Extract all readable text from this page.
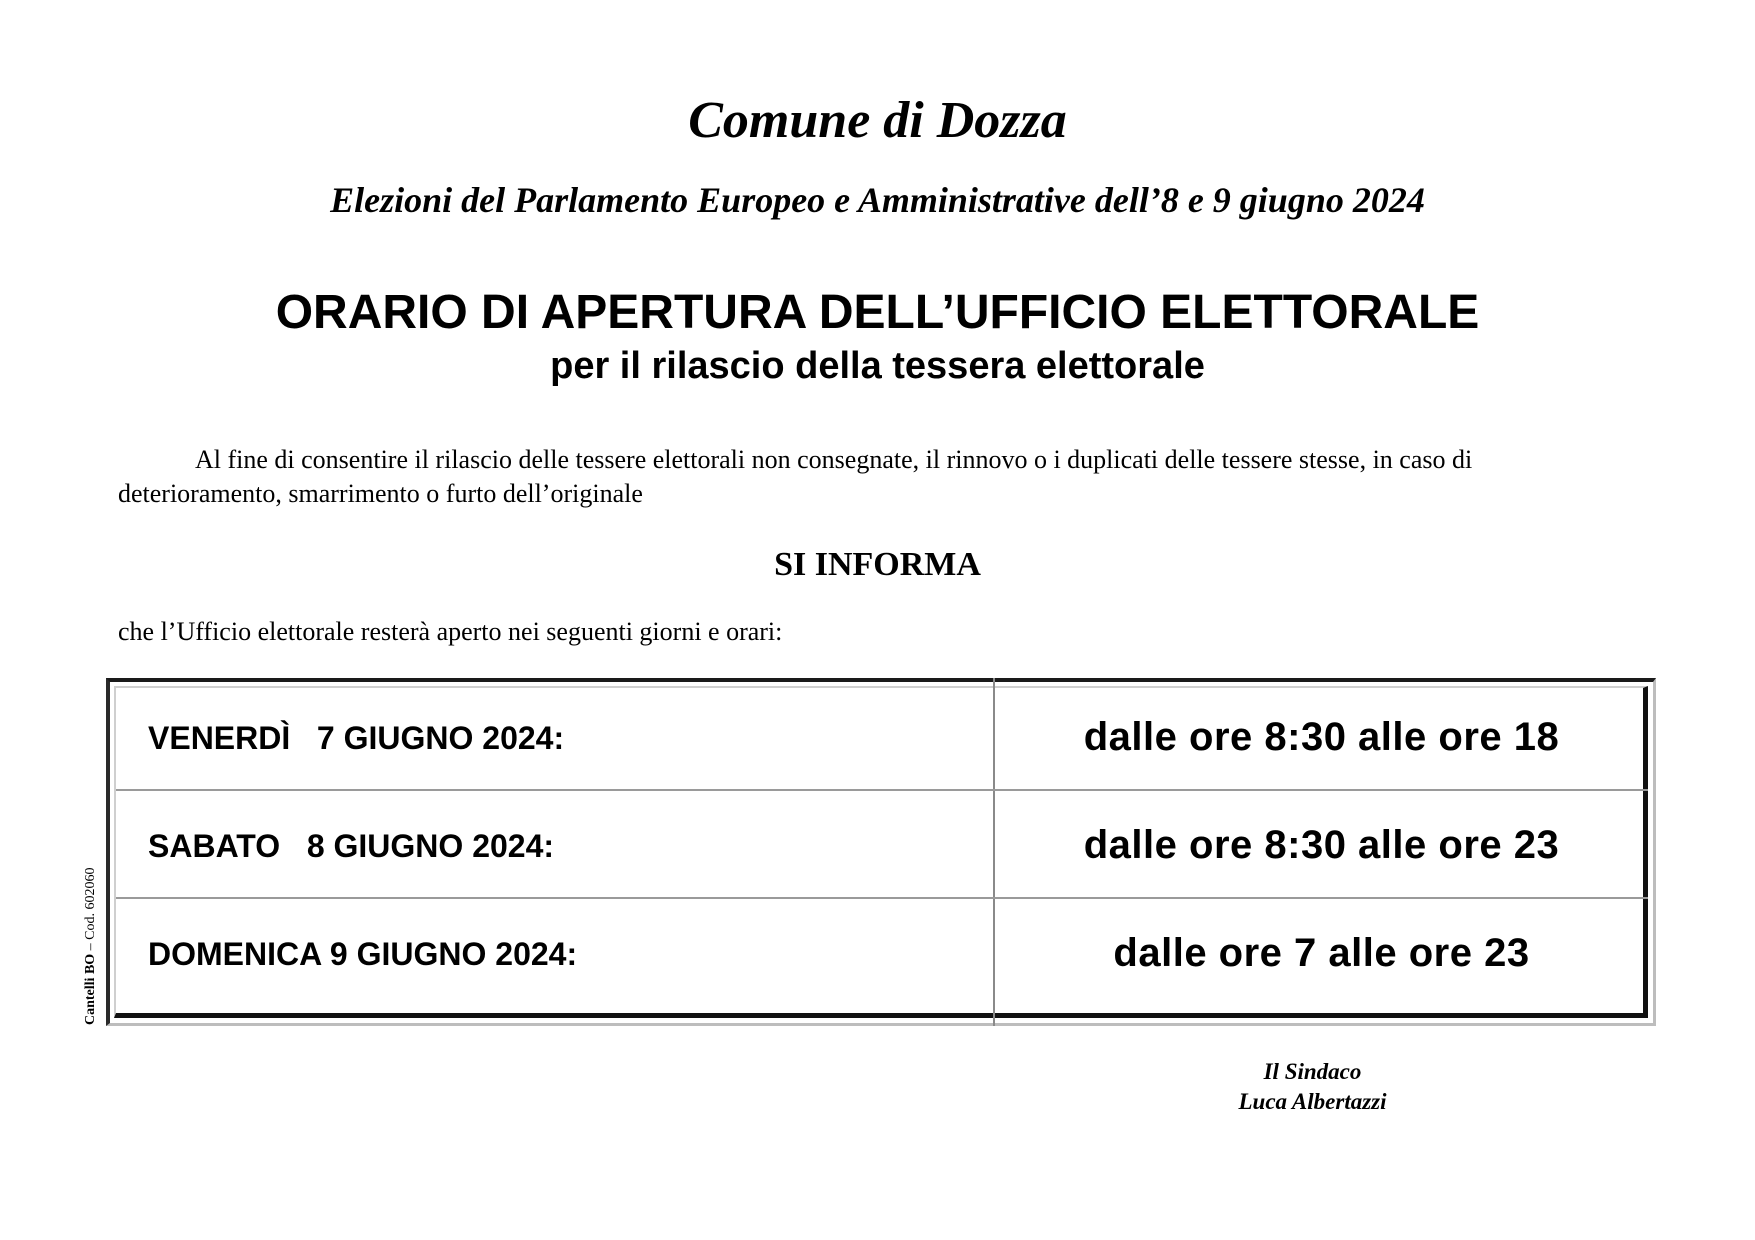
Comune di Dozza
Elezioni del Parlamento Europeo e Amministrative dell’8 e 9 giugno 2024
ORARIO DI APERTURA DELL’UFFICIO ELETTORALE
per il rilascio della tessera elettorale
Al fine di consentire il rilascio delle tessere elettorali non consegnate, il rinnovo o i duplicati delle tessere stesse, in caso di deterioramento, smarrimento o furto dell’originale
SI INFORMA
che l’Ufficio elettorale resterà aperto nei seguenti giorni e orari:
VENERDÌ   7 GIUGNO 2024:	dalle ore 8:30 alle ore 18
SABATO   8 GIUGNO 2024:	dalle ore 8:30 alle ore 23
DOMENICA 9 GIUGNO 2024:	dalle ore 7 alle ore 23
Cantelli BO – Cod. 602060
Il Sindaco
Luca Albertazzi
